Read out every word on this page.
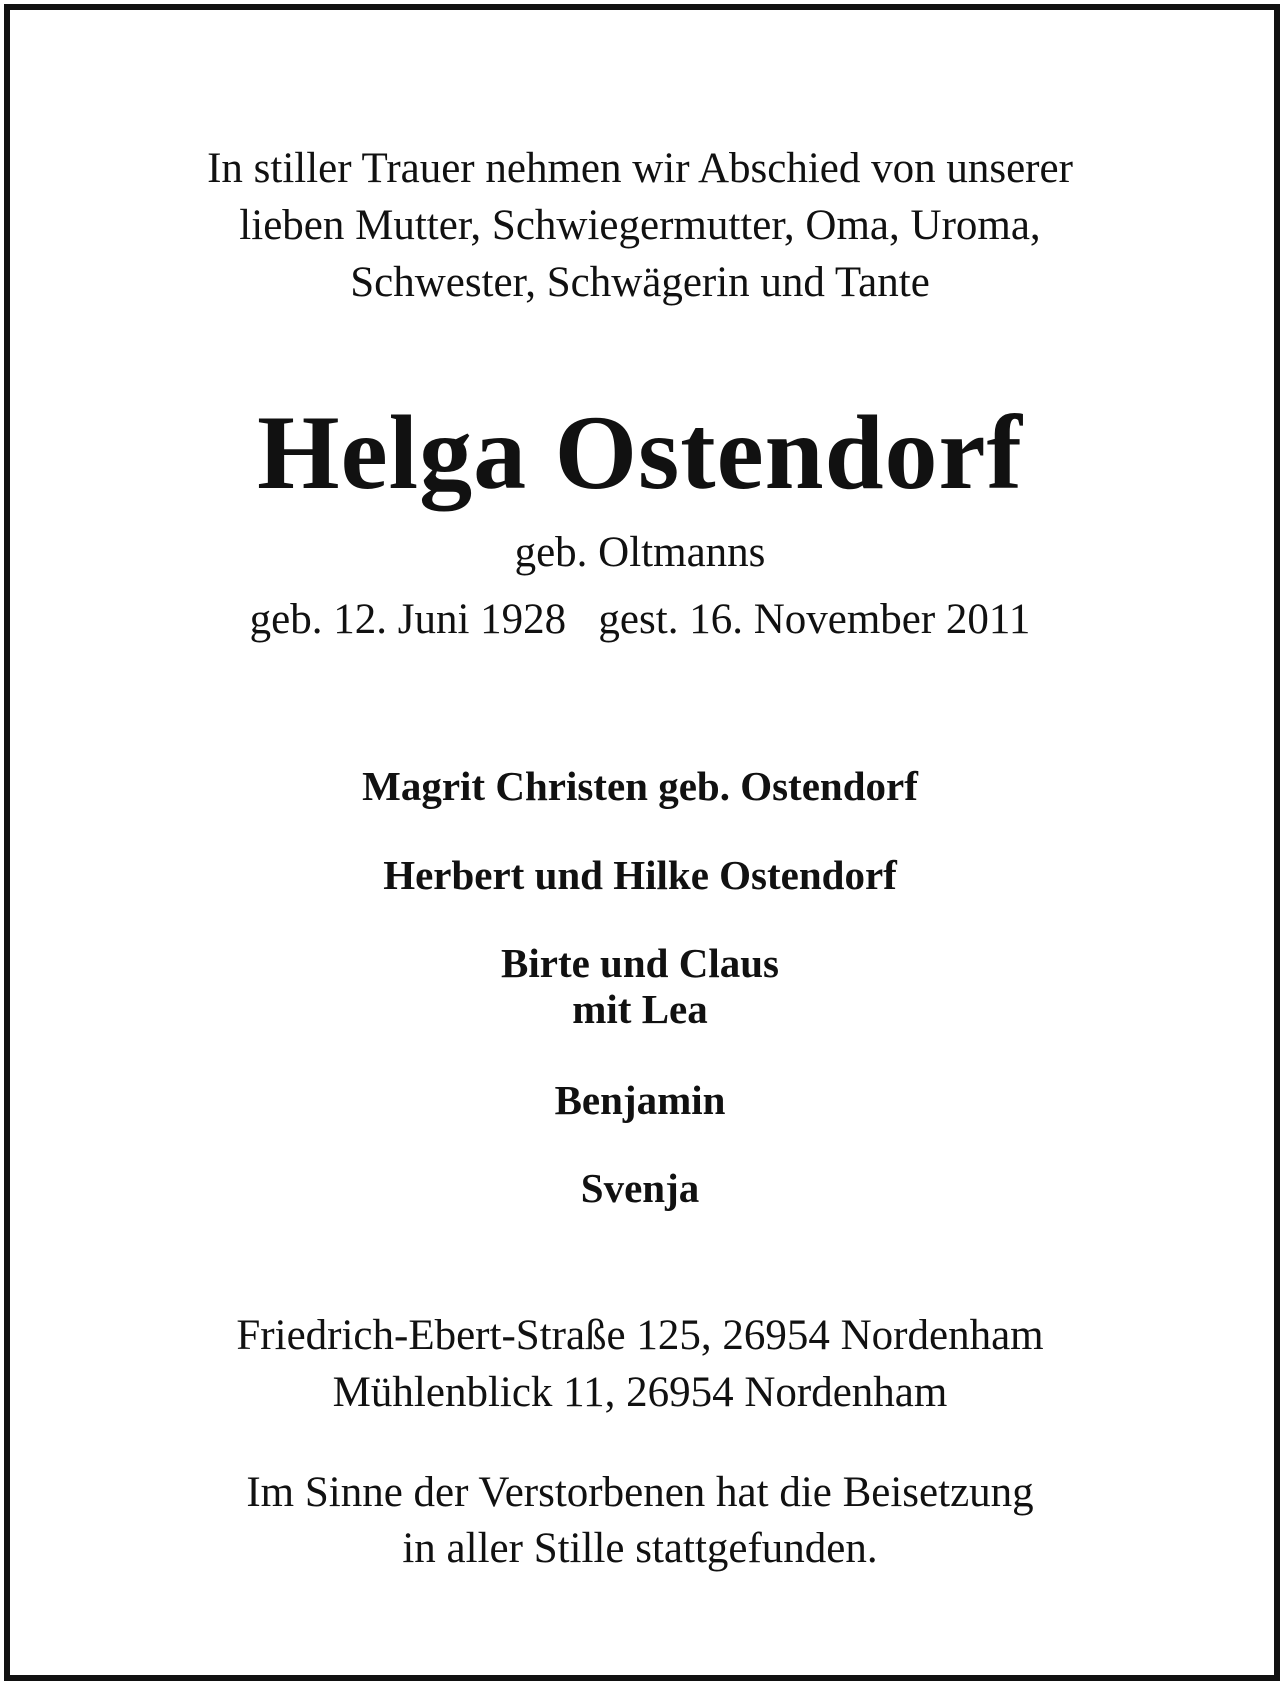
In stiller Trauer nehmen wir Abschied von unserer
lieben Mutter, Schwiegermutter, Oma, Uroma,
Schwester, Schwägerin und Tante
Helga Ostendorf
geb. Oltmanns
geb. 12. Juni 1928 gest. 16. November 2011
Magrit Christen geb. Ostendorf
Herbert und Hilke Ostendorf
Birte und Claus
mit Lea
Benjamin
Svenja
Friedrich-Ebert-Straße 125, 26954 Nordenham
Mühlenblick 11, 26954 Nordenham
Im Sinne der Verstorbenen hat die Beisetzung
in aller Stille stattgefunden.
